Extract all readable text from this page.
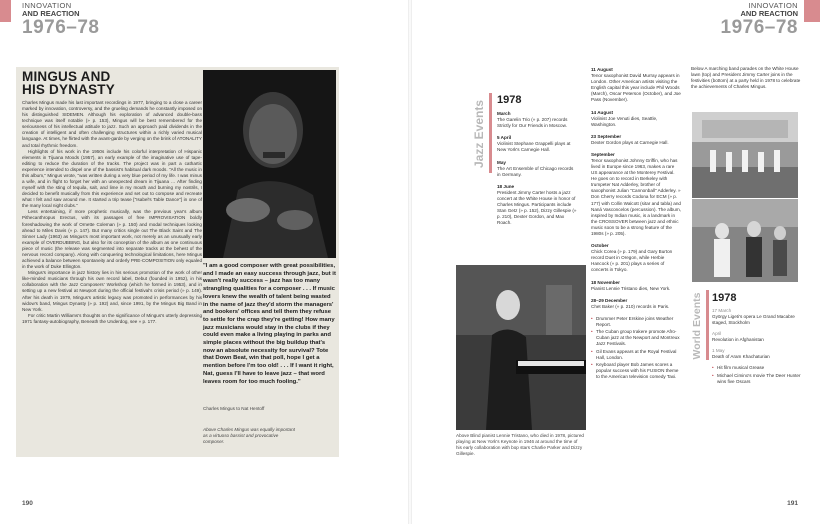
INNOVATION
AND REACTION
1976–78
INNOVATION
AND REACTION
1976–78
MINGUS AND
HIS DYNASTY

Charles Mingus made his last important recordings in 1977, bringing to a close a career marked by innovation, controversy, and the grueling demands he constantly imposed on his distinguished SIDEMEN. Although his exploration of advanced double-bass technique was itself notable (» p. 153), Mingus will be best remembered for the seriousness of his intellectual attitude to jazz. Such an approach paid dividends in the creation of intelligent and often challenging structures within a richly varied musical language. At times, he flirted with the avant-garde by verging on the brink of ATONALITY and total rhythmic freedom.

Highlights of his work in the 1950s include his colorful interpretation of Hispanic elements in Tijuana Moods (1957), an early example of the imaginative use of tape-editing to reduce the duration of the tracks. The project was in part a cathartic experience intended to dispel one of the bassist's habitual dark moods. "All the music in this album," Mingus wrote, "was written during a very blue period of my life. I was minus a wife, and in flight to forget her with an unexpected dream in Tijuana … After finding myself with the sting of tequila, salt, and lime in my mouth and burning my nostrils, I decided to benefit musically from this experience and set out to compose and recreate what I felt and saw around me. It started a trip tease ["Isabel's Table Dance"] in one of the many local night clubs."

Less entertaining, if more prophetic musically, was the previous year's album Pithecanthropus Erectus, with its passages of free IMPROVISATION boldly foreshadowing the work of Ornette Coleman (» p. 150) and modal techniques looking ahead to Miles Davis (» p. 147). But many critics single out The Black Saint and The Sinner Lady (1963) as Mingus's most important work, not merely as an unusually early example of OVERDUBBING, but also for its conception of the album as one continuous piece of music (the release was segmented into separate tracks at the behest of the nervous record company). Along with conquering technological limitations, here Mingus achieved a balance between spontaneity and orderly PRE-COMPOSITION only equaled in the work of Duke Ellington.

Mingus's importance in jazz history lies in his serious promotion of the work of other like-minded musicians through his own record label, Debut (founded in 1952), in his collaboration with the Jazz Composers' Workshop (which he formed in 1953), and in setting up a new festival at Newport during the official festival's crisis period (» p. 149). After his death in 1979, Mingus's artistic legacy was promoted in performances by his widow's band, Mingus Dynasty (» p. 192) and, since 1991, by the Mingus Big Band in New York.

For critic Martin Williams's thoughts on the significance of Mingus's utterly depressing 1971 fantasy-autobiography, Beneath the Underdog, see » p. 177.

"I am a good composer with great possibilities, and I made an easy success through jazz, but it wasn't really success – jazz has too many strangling qualities for a composer . . . If music lovers knew the wealth of talent being wasted in the name of jazz they'd storm the managers' and bookers' offices and tell them they refuse to settle for the crap they're getting! How many jazz musicians would stay in the clubs if they could even make a living playing in parks and simple places without the big buildup that's now an absolute necessity for survival? Tote that Down Beat, win that poll, hope I get a mention before I'm too old! . . . If I want it right, Nat, guess I'll have to leave jazz – that word leaves room for too much fooling."
Charles Mingus to Nat Hentoff
Above Charles Mingus was equally important as a virtuoso bassist and provocative composer.
190	191
Jazz Events 1978
March
The Garelin Trio (» p. 207) records Strictly for Our Friends in Moscow.
5 April
Violinist Stephane Grappelli plays at New York's Carnegie Hall.
May
The Art Ensemble of Chicago records in Germany.
18 June
President Jimmy Carter hosts a jazz concert at the White House in honor of Charles Mingus. Participants include Stan Getz (» p. 152), Dizzy Gillespie (» p. 210), Dexter Gordon, and Max Roach.
Above Blind pianist Lennie Tristano, who died in 1978, pictured playing at New York's Keynote in 1946 at around the time of his early collaboration with bop stars Charlie Parker and Dizzy Gillespie.
11 August
Tenor saxophonist David Murray appears in London. Other American artists visiting the English capital this year include Phil Woods (March), Oscar Peterson (October), and Joe Pass (November).
14 August
Violinist Joe Venuti dies, Seattle, Washington.
23 September
Dexter Gordon plays at Carnegie Hall.
September
Tenor saxophonist Johnny Griffin, who has lived in Europe since 1963, makes a rare US appearance at the Monterey Festival. He goes on to record in Berkeley with trumpeter Nat Adderley, brother of saxophonist Julian "Cannonball" Adderley. » Don Cherry records Codona for ECM (» p. 177) with Collin Walcott (sitar and tabla) and Naná Vasconcelos (percussion). The album, inspired by Indian music, is a landmark in the CROSSOVER between jazz and ethnic music soon to be a strong feature of the 1980s (» p. 205).
October
Chick Corea (» p. 179) and Gary Burton record Duet in Oregon, while Herbie Hancock (» p. 201) plays a series of concerts in Tokyo.
18 November
Pianist Lennie Tristano dies, New York.
28–29 December
Chet Baker (» p. 210) records in Paris.
• Drummer Peter Erskine joins Weather Report.
• The Cuban group Irakere promote Afro-Cuban jazz at the Newport and Montreux Jazz Festivals.
• Gil Evans appears at the Royal Festival Hall, London.
• Keyboard player Bob James scores a popular success with his FUSION theme to the American television comedy Taxi.
Below A marching band parades on the White House lawn (top) and President Jimmy Carter joins in the festivities (bottom) at a party held in 1978 to celebrate the achievements of Charles Mingus.
World Events 1978
17 March
György Ligeti's opera Le Grand Macabre staged, Stockholm
April
Revolution in Afghanistan
1 May
Death of Aram Khachaturian
• Hit film musical Grease
• Michael Cimino's movie The Deer Hunter wins five Oscars
